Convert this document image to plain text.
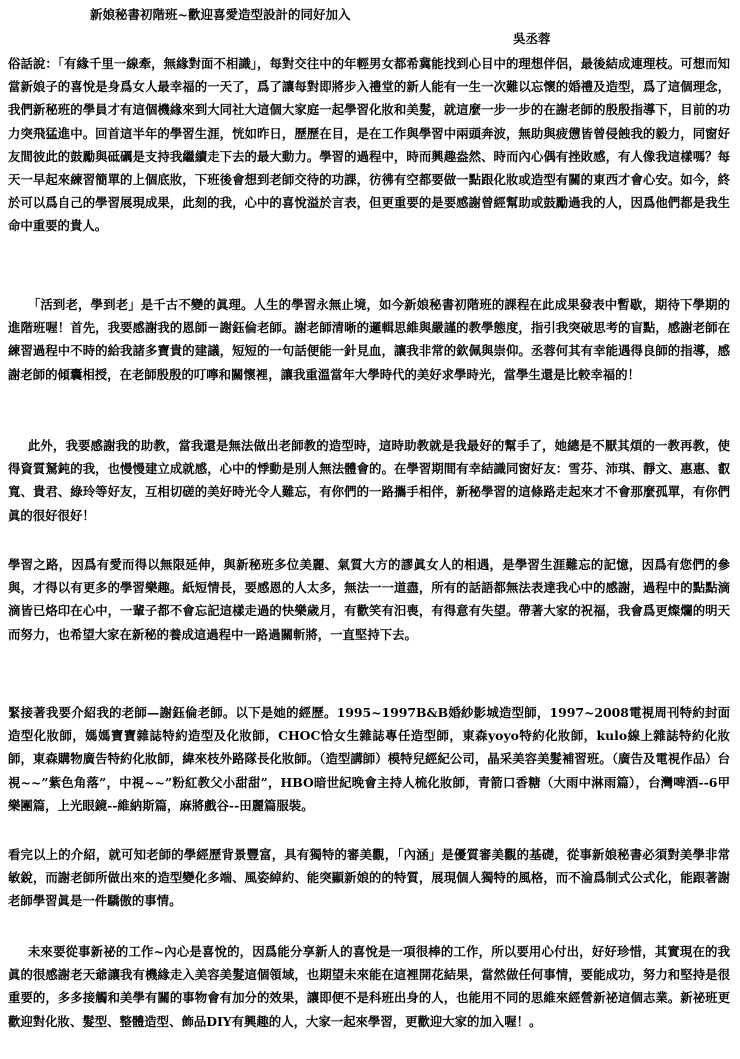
新娘秘書初階班~歡迎喜愛造型設計的同好加入
吳丞蓉
俗話說：「有緣千里一線牽，無緣對面不相識」，每對交往中的年輕男女都希冀能找到心目中的理想伴侶，最後結成連理枝。可想而知當新娘子的喜悅是身爲女人最幸福的一天了，爲了讓每對即將步入禮堂的新人能有一生一次難以忘懷的婚禮及造型，爲了這個理念，我們新秘班的學員才有這個機緣來到大同社大這個大家庭一起學習化妝和美髮，就這麼一步一步的在謝老師的殷殷指導下，目前的功力突飛猛進中。回首這半年的學習生涯，恍如昨日，歷歷在目，是在工作與學習中兩頭奔波，無助與疲憊皆曾侵蝕我的毅力，同窗好友間彼此的鼓勵與砥礪是支持我繼續走下去的最大動力。學習的過程中，時而興趣盎然、時而內心偶有挫敗感，有人像我這樣嗎？每天一早起來練習簡單的上個底妝，下班後會想到老師交待的功課，彷彿有空都要做一點跟化妝或造型有關的東西才會心安。如今，終於可以爲自己的學習展現成果，此刻的我，心中的喜悅溢於言表，但更重要的是要感謝曾經幫助或鼓勵過我的人，因爲他們都是我生命中重要的貴人。
「活到老，學到老」是千古不變的眞理。人生的學習永無止境，如今新娘秘書初階班的課程在此成果發表中暫歇，期待下學期的進階班喔！首先，我要感謝我的恩師－謝鈺倫老師。謝老師清晰的邏輯思維與嚴謹的教學態度，指引我突破思考的盲點，感謝老師在練習過程中不時的給我諸多寶貴的建議，短短的一句話便能一針見血，讓我非常的欽佩與崇仰。丞蓉何其有幸能遇得良師的指導，感謝老師的傾囊相授，在老師殷殷的叮嚀和關懷裡，讓我重溫當年大學時代的美好求學時光，當學生還是比較幸福的！
此外，我要感謝我的助教，當我還是無法做出老師教的造型時，這時助教就是我最好的幫手了，她總是不厭其煩的一教再教，使得資質駑鈍的我，也慢慢建立成就感，心中的悸動是別人無法體會的。在學習期間有幸結識同窗好友：雪芬、沛琪、靜文、惠惠、叡寬、貴君、綠玲等好友，互相切磋的美好時光令人難忘，有你們的一路攜手相伴，新秘學習的這條路走起來才不會那麼孤單，有你們眞的很好很好！
學習之路，因爲有愛而得以無限延伸，與新秘班多位美麗、氣質大方的謬眞女人的相遇，是學習生涯難忘的記憶，因爲有您們的參與，才得以有更多的學習樂趣。紙短情長，要感恩的人太多，無法一一道盡，所有的話語都無法表達我心中的感謝，過程中的點點滴滴皆已烙印在心中，一輩子都不會忘記這樣走過的快樂歲月，有歡笑有汨喪，有得意有失望。帶著大家的祝福，我會爲更燦爛的明天而努力，也希望大家在新秘的養成這過程中一路過關斬將，一直堅持下去。
緊接著我要介紹我的老師—謝鈺倫老師。以下是她的經歷。1995~1997B&B婚紗影城造型師，1997~2008電視周刊特約封面造型化妝師，媽媽寶寶雜誌特約造型及化妝師，CHOC恰女生雜誌專任造型師，東森yoyo特約化妝師，kulo線上雜誌特約化妝師，東森購物廣告特約化妝師，緯來枝外路隊長化妝師。（造型講師）模特兒經紀公司，晶采美容美髮補習班。（廣告及電視作品）台視~~”紫色角落”，中視~~”粉紅教父小甜甜”，HBO暗世紀晚會主持人梳化妝師，青箭口香糖（大雨中淋雨篇），台灣啤酒--6甲樂團篇，上光眼鏡--維納斯篇，麻將戲谷--田麗篇服裝。
看完以上的介紹，就可知老師的學經歷背景豐富，具有獨特的審美觀，「內涵」是優質審美觀的基礎，從事新娘秘書必須對美學非常敏銳，而謝老師所做出來的造型變化多端、風姿綽約、能突顯新娘的的特質，展現個人獨特的風格，而不淪爲制式公式化，能跟著謝老師學習眞是一件驕傲的事情。
未來要從事新祕的工作~內心是喜悅的，因爲能分享新人的喜悅是一項很棒的工作，所以要用心付出，好好珍惜，其實現在的我眞的很感謝老天爺讓我有機緣走入美容美髮這個領域，也期望未來能在這裡開花結果，當然做任何事情，要能成功，努力和堅持是很重要的，多多接觸和美學有關的事物會有加分的效果，讓即便不是科班出身的人，也能用不同的思維來經營新祕這個志業。新祕班更歡迎對化妝、髮型、整體造型、飾品DIY有興趣的人，大家一起來學習，更歡迎大家的加入喔！。
